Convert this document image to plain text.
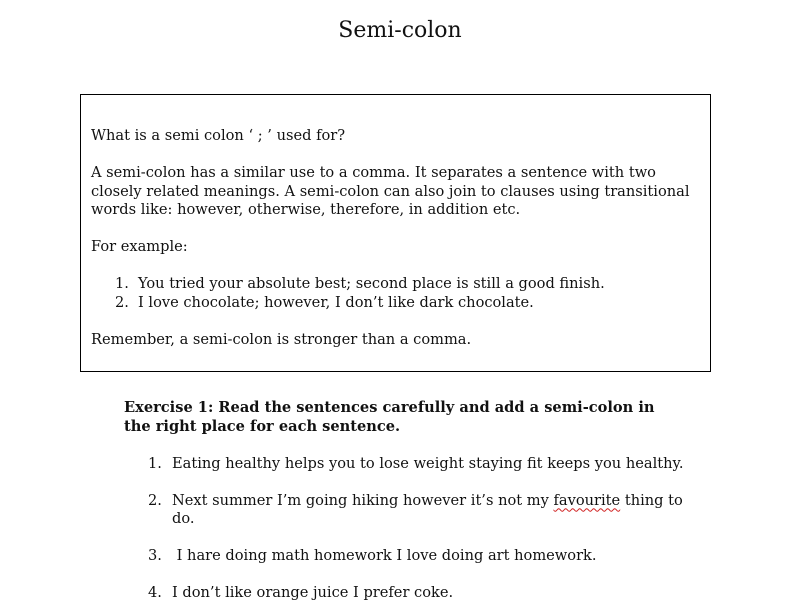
Semi-colon

What is a semi colon ‘ ; ’ used for?

A semi-colon has a similar use to a comma. It separates a sentence with two closely related meanings. A semi-colon can also join to clauses using transitional words like: however, otherwise, therefore, in addition etc.

For example:

1. You tried your absolute best; second place is still a good finish.
2. I love chocolate; however, I don’t like dark chocolate.

Remember, a semi-colon is stronger than a comma.

Exercise 1: Read the sentences carefully and add a semi-colon in the right place for each sentence.

1. Eating healthy helps you to lose weight staying fit keeps you healthy.
2. Next summer I’m going hiking however it’s not my favourite thing to do.
3. I hare doing math homework I love doing art homework.
4. I don’t like orange juice I prefer coke.
